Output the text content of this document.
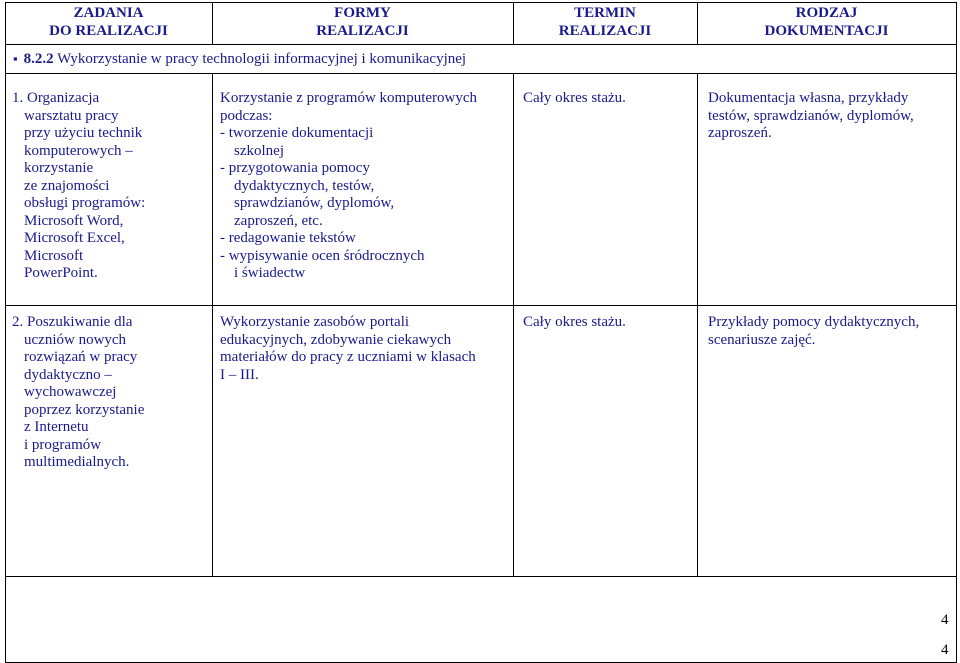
ZADANIA
DO REALIZACJI
FORMY
REALIZACJI
TERMIN
REALIZACJI
RODZAJ
DOKUMENTACJI
▪ 8.2.2 Wykorzystanie w pracy technologii informacyjnej i komunikacyjnej
1. Organizacja
warsztatu pracy
przy użyciu technik
komputerowych –
korzystanie
ze znajomości
obsługi programów:
Microsoft Word,
Microsoft Excel,
Microsoft
PowerPoint.
Korzystanie z programów komputerowych
podczas:
- tworzenie dokumentacji
szkolnej
- przygotowania pomocy
dydaktycznych, testów,
sprawdzianów, dyplomów,
zaproszeń, etc.
- redagowanie tekstów
- wypisywanie ocen śródrocznych
i świadectw
Cały okres stażu.	Dokumentacja własna, przykłady
testów, sprawdzianów, dyplomów,
zaproszeń.
2. Poszukiwanie dla
uczniów nowych
rozwiązań w pracy
dydaktyczno –
wychowawczej
poprzez korzystanie
z Internetu
i programów
multimedialnych.
Wykorzystanie zasobów portali
edukacyjnych, zdobywanie ciekawych
materiałów do pracy z uczniami w klasach
I – III.
Cały okres stażu.	Przykłady pomocy dydaktycznych,
scenariusze zajęć.
4
4
